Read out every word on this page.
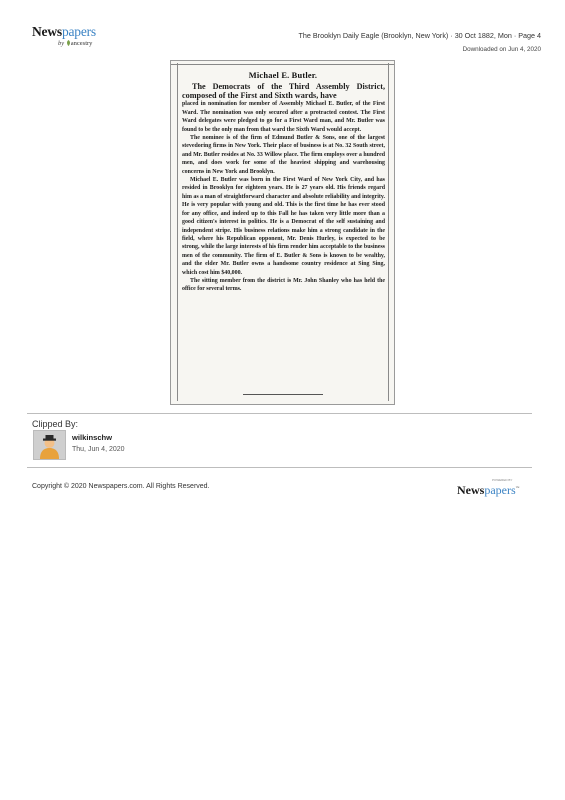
Newspapers
by ancestry
The Brooklyn Daily Eagle (Brooklyn, New York) · 30 Oct 1882, Mon · Page 4
Downloaded on Jun 4, 2020
Michael E. Butler.

The Democrats of the Third Assembly District, composed of the First and Sixth wards, have

placed in nomination for member of Assembly Michael E. Butler, of the First Ward. The nomination was only secured after a protracted contest. The First Ward delegates were pledged to go for a First Ward man, and Mr. Butler was found to be the only man from that ward the Sixth Ward would accept.

The nominee is of the firm of Edmund Butler & Sons, one of the largest stevedoring firms in New York. Their place of business is at No. 32 South street, and Mr. Butler resides at No. 33 Willow place. The firm employs over a hundred men, and does work for some of the heaviest shipping and warehousing concerns in New York and Brooklyn.

Michael E. Butler was born in the First Ward of New York City, and has resided in Brooklyn for eighteen years. He is 27 years old. His friends regard him as a man of straightforward character and absolute reliability and integrity. He is very popular with young and old. This is the first time he has ever stood for any office, and indeed up to this Fall he has taken very little more than a good citizen's interest in politics. He is a Democrat of the self sustaining and independent stripe. His business relations make him a strong candidate in the field, where his Republican opponent, Mr. Denis Hurley, is expected to be strong, while the large interests of his firm render him acceptable to the business men of the community. The firm of E. Butler & Sons is known to be wealthy, and the elder Mr. Butler owns a handsome country residence at Sing Sing, which cost him $40,000.

The sitting member from the district is Mr. John Shanley who has held the office for several terms.

Clipped By:
wilkinschw
Thu, Jun 4, 2020
Copyright © 2020 Newspapers.com. All Rights Reserved.
POWERED BY
Newspapers™
